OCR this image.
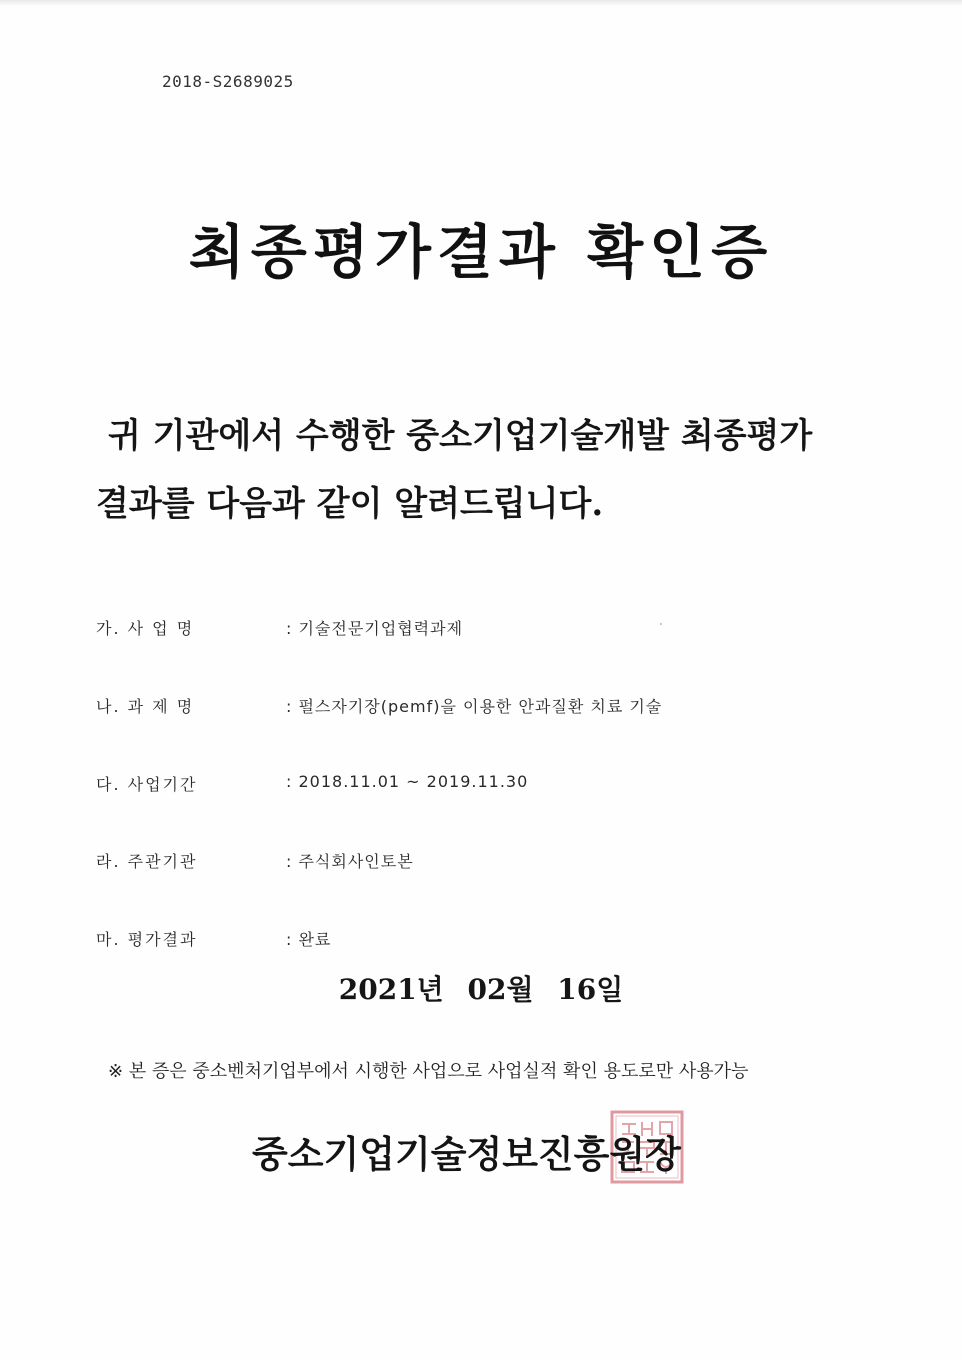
2018-S2689025
최종평가결과 확인증
귀 기관에서 수행한 중소기업기술개발 최종평가
결과를 다음과 같이 알려드립니다.
가. 사 업 명	: 기술전문기업협력과제
나. 과 제 명	: 펄스자기장(pemf)을 이용한 안과질환 치료 기술
다. 사업기간	: 2018.11.01 ~ 2019.11.30
라. 주관기관	: 주식회사인토본
마. 평가결과	: 완료
2021년 02월 16일
※ 본 증은 중소벤처기업부에서 시행한 사업으로 사업실적 확인 용도로만 사용가능
중소기업기술정보진흥원장
